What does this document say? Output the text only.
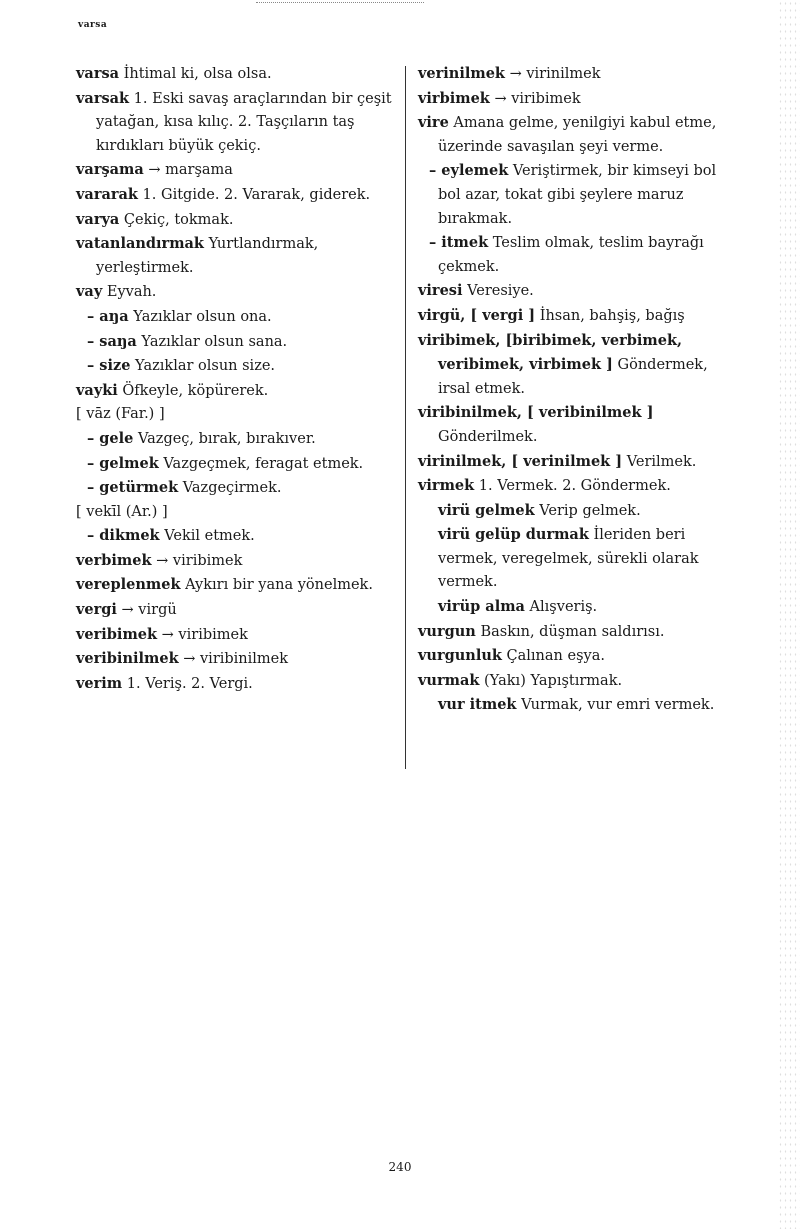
varsa

varsa İhtimal ki, olsa olsa.

varsak 1. Eski savaş araçlarından bir çeşit yatağan, kısa kılıç. 2. Taşçıların taş kırdıkları büyük çekiç.

varşama → marşama

vararak 1. Gitgide. 2. Vararak, giderek.

varya Çekiç, tokmak.

vatanlandırmak Yurtlandırmak, yerleştirmek.

vay Eyvah.

– aŋa Yazıklar olsun ona.

– saŋa Yazıklar olsun sana.

– size Yazıklar olsun size.

vayki Öfkeyle, köpürerek.

[ vāz (Far.) ]

– gele Vazgeç, bırak, bırakıver.

– gelmek Vazgeçmek, feragat etmek.

– getürmek Vazgeçirmek.

[ vekīl (Ar.) ]

– dikmek Vekil etmek.

verbimek → viribimek

vereplenmek Aykırı bir yana yönelmek.

vergi → virgü

veribimek → viribimek

veribinilmek → viribinilmek

verim 1. Veriş. 2. Vergi.

verinilmek → virinilmek

virbimek → viribimek

vire Amana gelme, yenilgiyi kabul etme, üzerinde savaşılan şeyi verme.

– eylemek Veriştirmek, bir kimseyi bol bol azar, tokat gibi şeylere maruz bırakmak.

– itmek Teslim olmak, teslim bayrağı çekmek.

viresi Veresiye.

virgü, [ vergi ] İhsan, bahşiş, bağış

viribimek, [biribimek, verbimek, veribimek, virbimek ] Göndermek, irsal etmek.

viribinilmek, [ veribinilmek ] Gönderilmek.

virinilmek, [ verinilmek ] Verilmek.

virmek 1. Vermek. 2. Göndermek.

virü gelmek Verip gelmek.

virü gelüp durmak İleriden beri vermek, veregelmek, sürekli olarak vermek.

virüp alma Alışveriş.

vurgun Baskın, düşman saldırısı.

vurgunluk Çalınan eşya.

vurmak (Yakı) Yapıştırmak.

vur itmek Vurmak, vur emri vermek.

240
